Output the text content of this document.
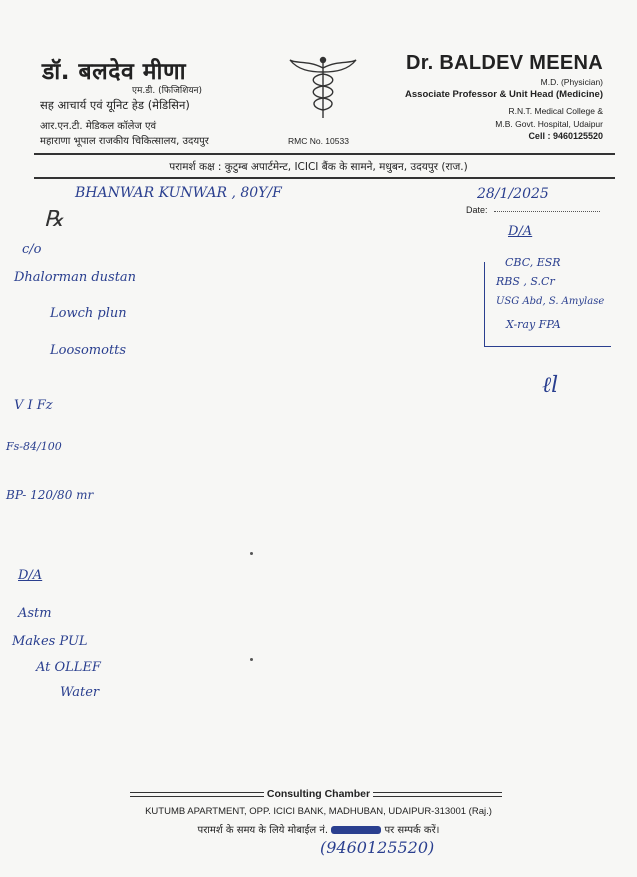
डॉ. बलदेव मीणा
एम.डी. (फिजिशियन)
सह आचार्य एवं यूनिट हेड (मेडिसिन)
आर.एन.टी. मेडिकल कॉलेज एवं
महाराणा भूपाल राजकीय चिकित्सालय, उदयपुर	RMC No. 10533
Dr. BALDEV MEENA
M.D. (Physician)
Associate Professor & Unit Head (Medicine)
R.N.T. Medical College &
M.B. Govt. Hospital, Udaipur
Cell : 9460125520
परामर्श कक्ष : कुटुम्ब अपार्टमेन्ट, ICICI बैंक के सामने, मधुबन, उदयपुर (राज.)
BHANWAR KUNWAR , 80Y/F	28/1/2025
Date:
℞
c/o
Dhalorman dustan
Lowch plun
Loosomotts
V I Fz
Fs-84/100
BP- 120/80 mr
D/A
CBC, ESR
RBS , S.Cr
USG Abd, S. Amylase
X-ray FPA
ℓl
D/A
Astm
Makes PUL
At OLLEF
Water
Consulting Chamber
KUTUMB APARTMENT, OPP. ICICI BANK, MADHUBAN, UDAIPUR-313001 (Raj.)
परामर्श के समय के लिये मोबाईल नं.	पर सम्पर्क करें।
(9460125520)
